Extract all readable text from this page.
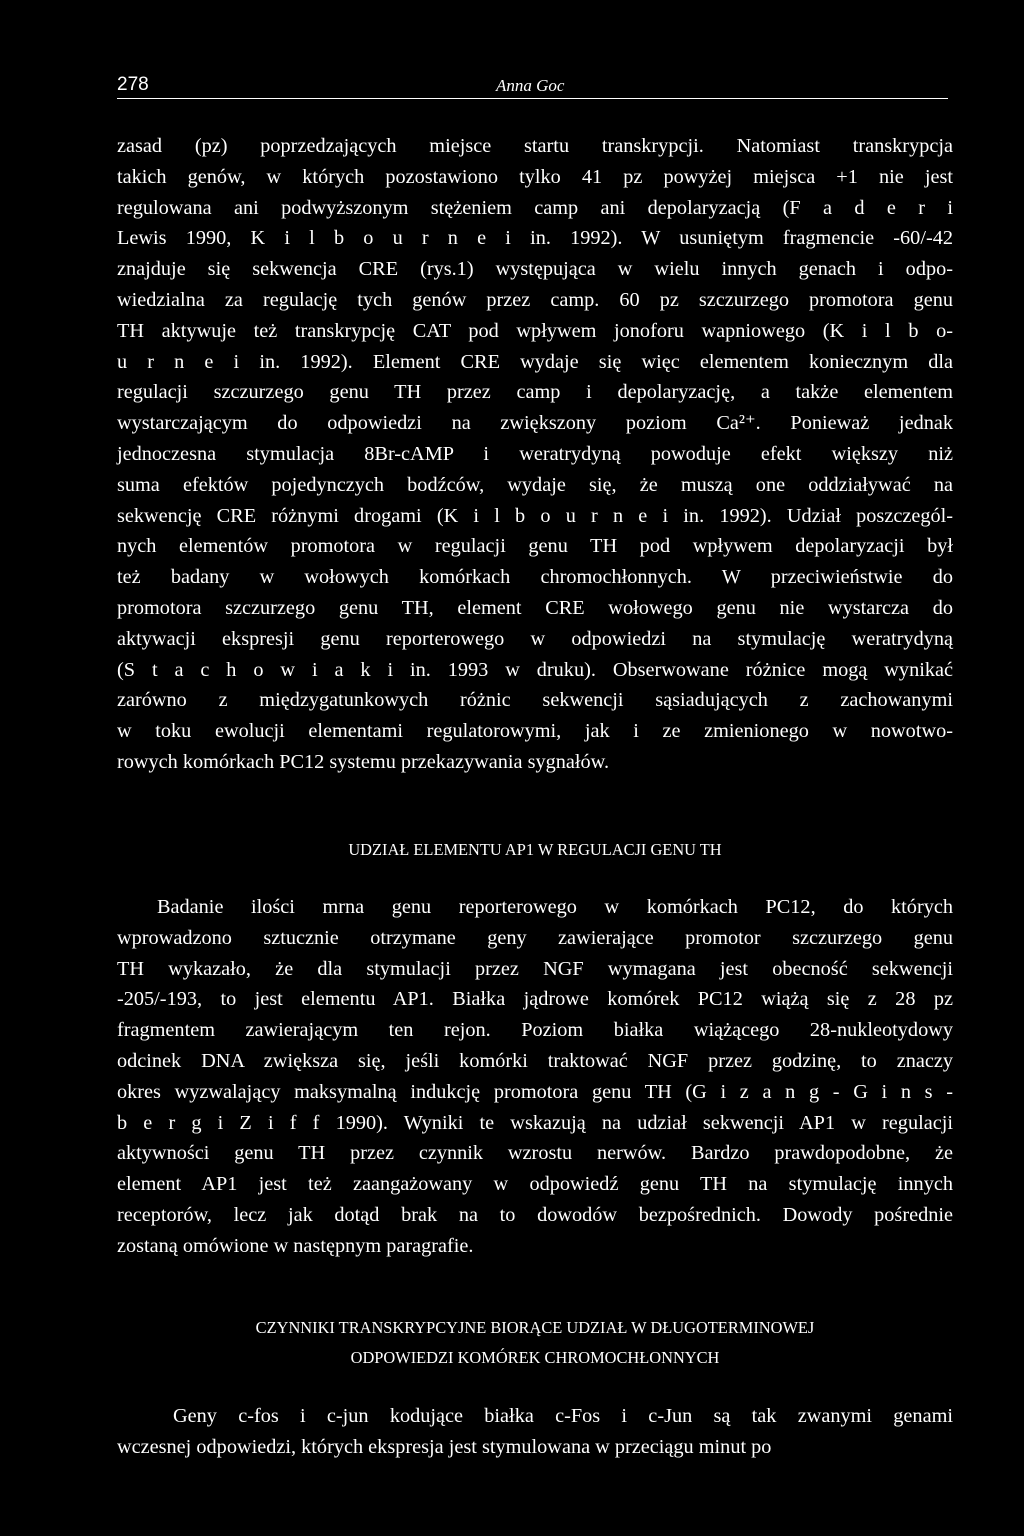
278	Anna Goc
zasad (pz) poprzedzających miejsce startu transkrypcji. Natomiast transkrypcja
takich genów, w których pozostawiono tylko 41 pz powyżej miejsca +1 nie jest
regulowana ani podwyższonym stężeniem camp ani depolaryzacją (F a d e r i
Lewis 1990, K i l b o u r n e i in. 1992). W usuniętym fragmencie -60/-42
znajduje się sekwencja CRE (rys.1) występująca w wielu innych genach i odpo-
wiedzialna za regulację tych genów przez camp. 60 pz szczurzego promotora genu
TH aktywuje też transkrypcję CAT pod wpływem jonoforu wapniowego (K i l b o-
u r n e i in. 1992). Element CRE wydaje się więc elementem koniecznym dla
regulacji szczurzego genu TH przez camp i depolaryzację, a także elementem
wystarczającym do odpowiedzi na zwiększony poziom Ca²⁺. Ponieważ jednak
jednoczesna stymulacja 8Br-cAMP i weratrydyną powoduje efekt większy niż
suma efektów pojedynczych bodźców, wydaje się, że muszą one oddziaływać na
sekwencję CRE różnymi drogami (K i l b o u r n e i in. 1992). Udział poszczegól-
nych elementów promotora w regulacji genu TH pod wpływem depolaryzacji był
też badany w wołowych komórkach chromochłonnych. W przeciwieństwie do
promotora szczurzego genu TH, element CRE wołowego genu nie wystarcza do
aktywacji ekspresji genu reporterowego w odpowiedzi na stymulację weratrydyną
(S t a c h o w i a k i in. 1993 w druku). Obserwowane różnice mogą wynikać
zarówno z międzygatunkowych różnic sekwencji sąsiadujących z zachowanymi
w toku ewolucji elementami regulatorowymi, jak i ze zmienionego w nowotwo-
rowych komórkach PC12 systemu przekazywania sygnałów.
UDZIAŁ ELEMENTU AP1 W REGULACJI GENU TH
Badanie ilości mrna genu reporterowego w komórkach PC12, do których
wprowadzono sztucznie otrzymane geny zawierające promotor szczurzego genu
TH wykazało, że dla stymulacji przez NGF wymagana jest obecność sekwencji
-205/-193, to jest elementu AP1. Białka jądrowe komórek PC12 wiążą się z 28 pz
fragmentem zawierającym ten rejon. Poziom białka wiążącego 28-nukleotydowy
odcinek DNA zwiększa się, jeśli komórki traktować NGF przez godzinę, to znaczy
okres wyzwalający maksymalną indukcję promotora genu TH (G i z a n g - G i n s -
b e r g i Z i f f 1990). Wyniki te wskazują na udział sekwencji AP1 w regulacji
aktywności genu TH przez czynnik wzrostu nerwów. Bardzo prawdopodobne, że
element AP1 jest też zaangażowany w odpowiedź genu TH na stymulację innych
receptorów, lecz jak dotąd brak na to dowodów bezpośrednich. Dowody pośrednie
zostaną omówione w następnym paragrafie.
CZYNNIKI TRANSKRYPCYJNE BIORĄCE UDZIAŁ W DŁUGOTERMINOWEJ
ODPOWIEDZI KOMÓREK CHROMOCHŁONNYCH
Geny c-fos i c-jun kodujące białka c-Fos i c-Jun są tak zwanymi genami
wczesnej odpowiedzi, których ekspresja jest stymulowana w przeciągu minut po
